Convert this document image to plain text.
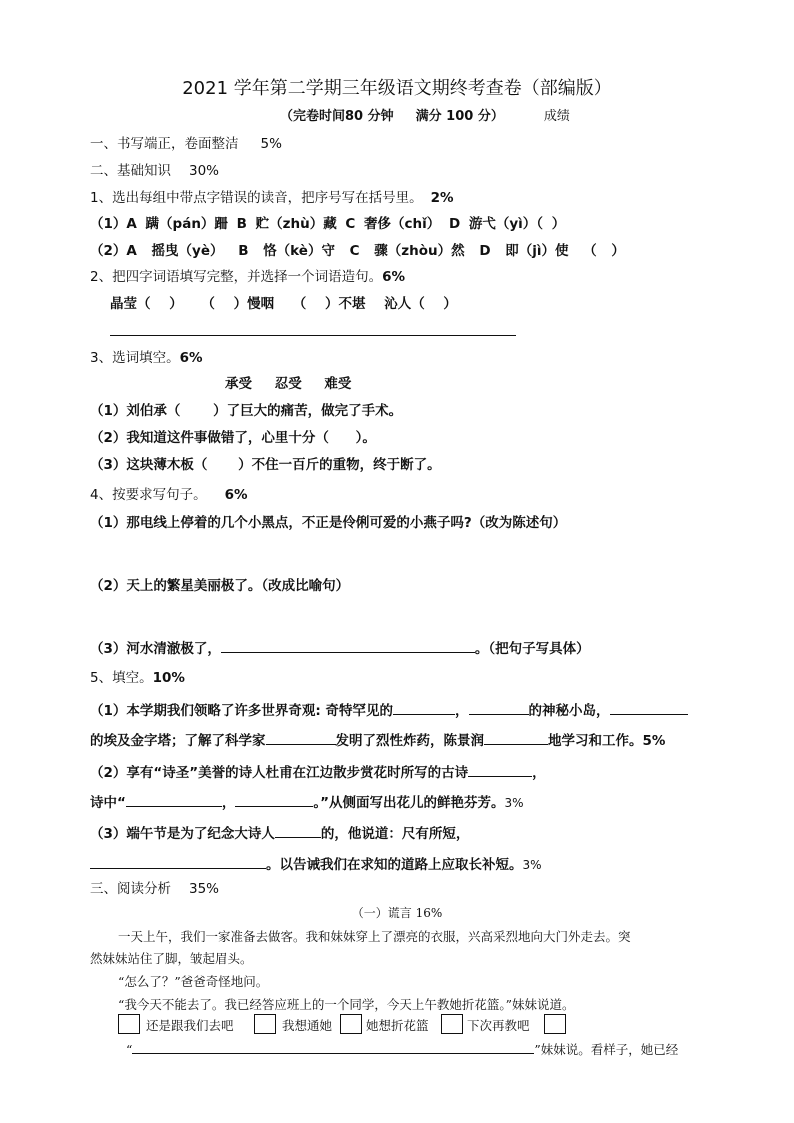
2021 学年第二学期三年级语文期终考查卷（部编版）
（完卷时间80 分钟 满分 100 分）	成绩
一、书写端正，卷面整洁 5%
二、基础知识 30%
1、选出每组中带点字错误的读音，把序号写在括号里。 2%
（1）A 蹒（pán）跚 B 贮（zhù）藏 C 奢侈（chǐ） D 游弋（yì）（ ）
（2）A 摇曳（yè） B 恪（kè）守 C 骤（zhòu）然 D 即（jì）使 （ ）
2、把四字词语填写完整，并选择一个词语造句。6%
晶莹（ ） （ ）慢咽 （ ）不堪 沁人（ ）
3、选词填空。6%
承受 忍受 难受
（1）刘伯承（ ）了巨大的痛苦，做完了手术。
（2）我知道这件事做错了，心里十分（ ）。
（3）这块薄木板（ ）不住一百斤的重物，终于断了。
4、按要求写句子。 6%
（1）那电线上停着的几个小黑点，不正是伶俐可爱的小燕子吗?（改为陈述句）
（2）天上的繁星美丽极了。（改成比喻句）
（3）河水清澈极了，	。（把句子写具体）
5、填空。10%
（1）本学期我们领略了许多世界奇观: 奇特罕见的	，	的神秘小岛，
的埃及金字塔；了解了科学家	发明了烈性炸药，陈景润	地学习和工作。5%
（2）享有“诗圣”美誉的诗人杜甫在江边散步赏花时所写的古诗	，
诗中“	，	。”从侧面写出花儿的鲜艳芬芳。3%
（3）端午节是为了纪念大诗人	的，他说道：尺有所短，
。以告诫我们在求知的道路上应取长补短。3%
三、阅读分析 35%
（一）谎言 16%
一天上午，我们一家准备去做客。我和妹妹穿上了漂亮的衣服，兴高采烈地向大门外走去。突
然妹妹站住了脚，皱起眉头。
“怎么了？”爸爸奇怪地问。
“我今天不能去了。我已经答应班上的一个同学，今天上午教她折花篮。”妹妹说道。
还是跟我们去吧	我想通她	她想折花篮	下次再教吧
“	”妹妹说。看样子，她已经
